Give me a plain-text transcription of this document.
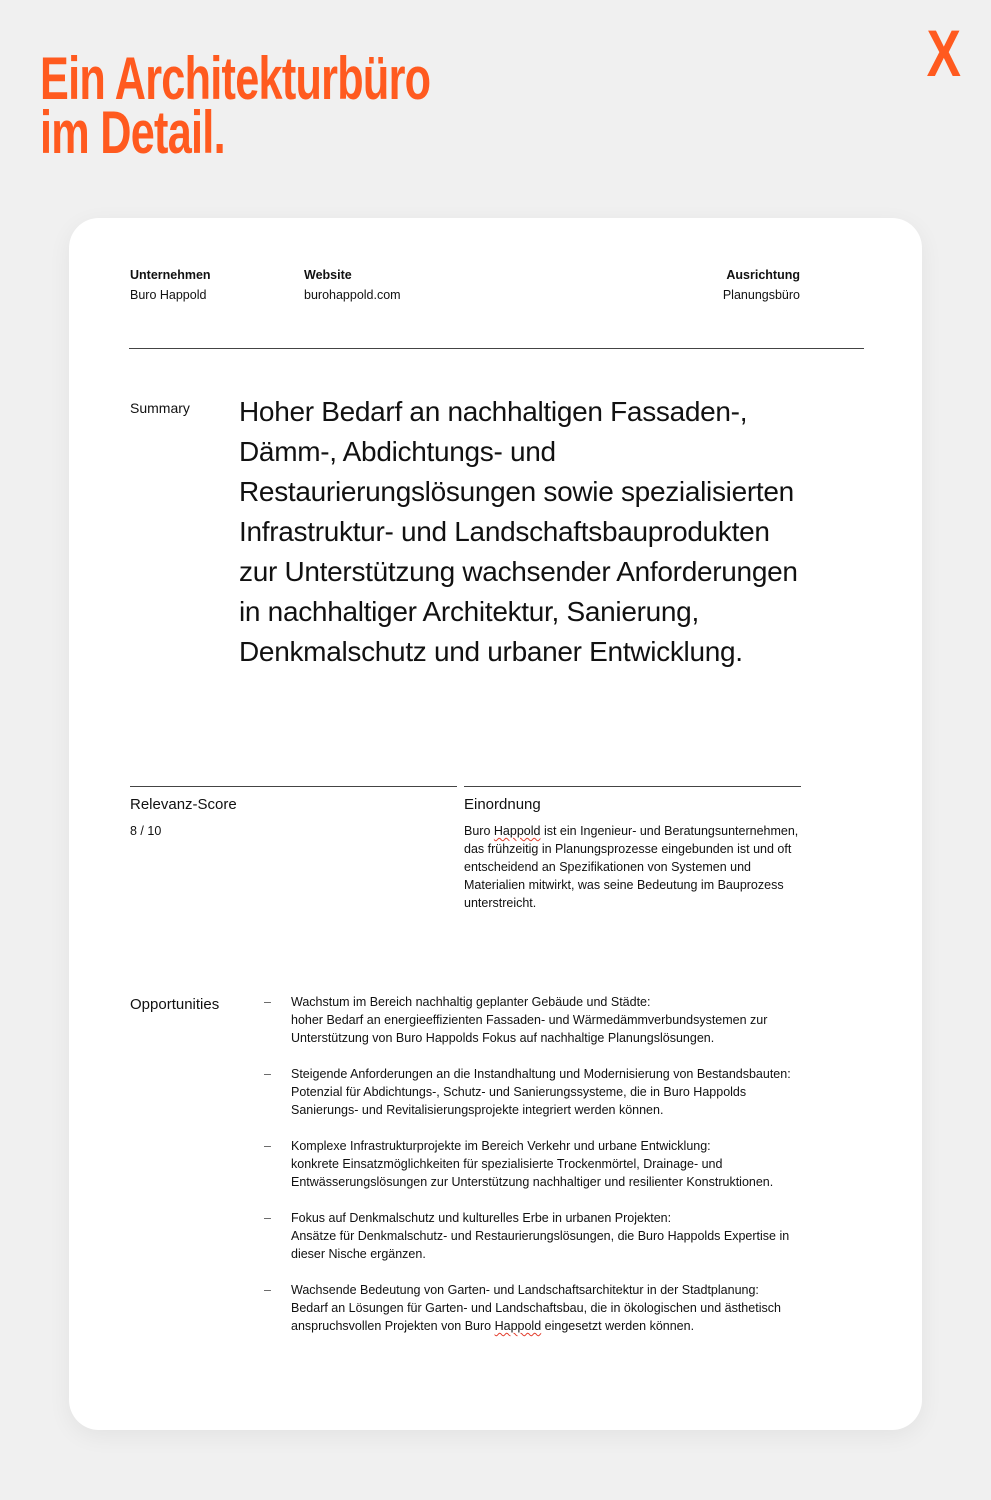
Ein Architekturbüro
im Detail.
X
Unternehmen
Buro Happold
Website
burohappold.com
Ausrichtung
Planungsbüro
Summary Hoher Bedarf an nachhaltigen Fassaden-, Dämm-, Abdichtungs- und Restaurierungslösungen sowie spezialisierten Infrastruktur- und Landschaftsbauprodukten zur Unterstützung wachsender Anforderungen in nachhaltiger Architektur, Sanierung, Denkmalschutz und urbaner Entwicklung.
Relevanz-Score
8 / 10
Einordnung
Buro Happold ist ein Ingenieur- und Beratungsunternehmen, das frühzeitig in Planungsprozesse eingebunden ist und oft entscheidend an Spezifikationen von Systemen und Materialien mitwirkt, was seine Bedeutung im Bauprozess unterstreicht.
Opportunities	– Wachstum im Bereich nachhaltig geplanter Gebäude und Städte:
hoher Bedarf an energieeffizienten Fassaden- und Wärmedämmverbundsystemen zur Unterstützung von Buro Happolds Fokus auf nachhaltige Planungslösungen.
– Steigende Anforderungen an die Instandhaltung und Modernisierung von Bestandsbauten:
Potenzial für Abdichtungs-, Schutz- und Sanierungssysteme, die in Buro Happolds Sanierungs- und Revitalisierungsprojekte integriert werden können.
– Komplexe Infrastrukturprojekte im Bereich Verkehr und urbane Entwicklung:
konkrete Einsatzmöglichkeiten für spezialisierte Trockenmörtel, Drainage- und Entwässerungslösungen zur Unterstützung nachhaltiger und resilienter Konstruktionen.
– Fokus auf Denkmalschutz und kulturelles Erbe in urbanen Projekten:
Ansätze für Denkmalschutz- und Restaurierungslösungen, die Buro Happolds Expertise in dieser Nische ergänzen.
– Wachsende Bedeutung von Garten- und Landschaftsarchitektur in der Stadtplanung:
Bedarf an Lösungen für Garten- und Landschaftsbau, die in ökologischen und ästhetisch anspruchsvollen Projekten von Buro Happold eingesetzt werden können.
